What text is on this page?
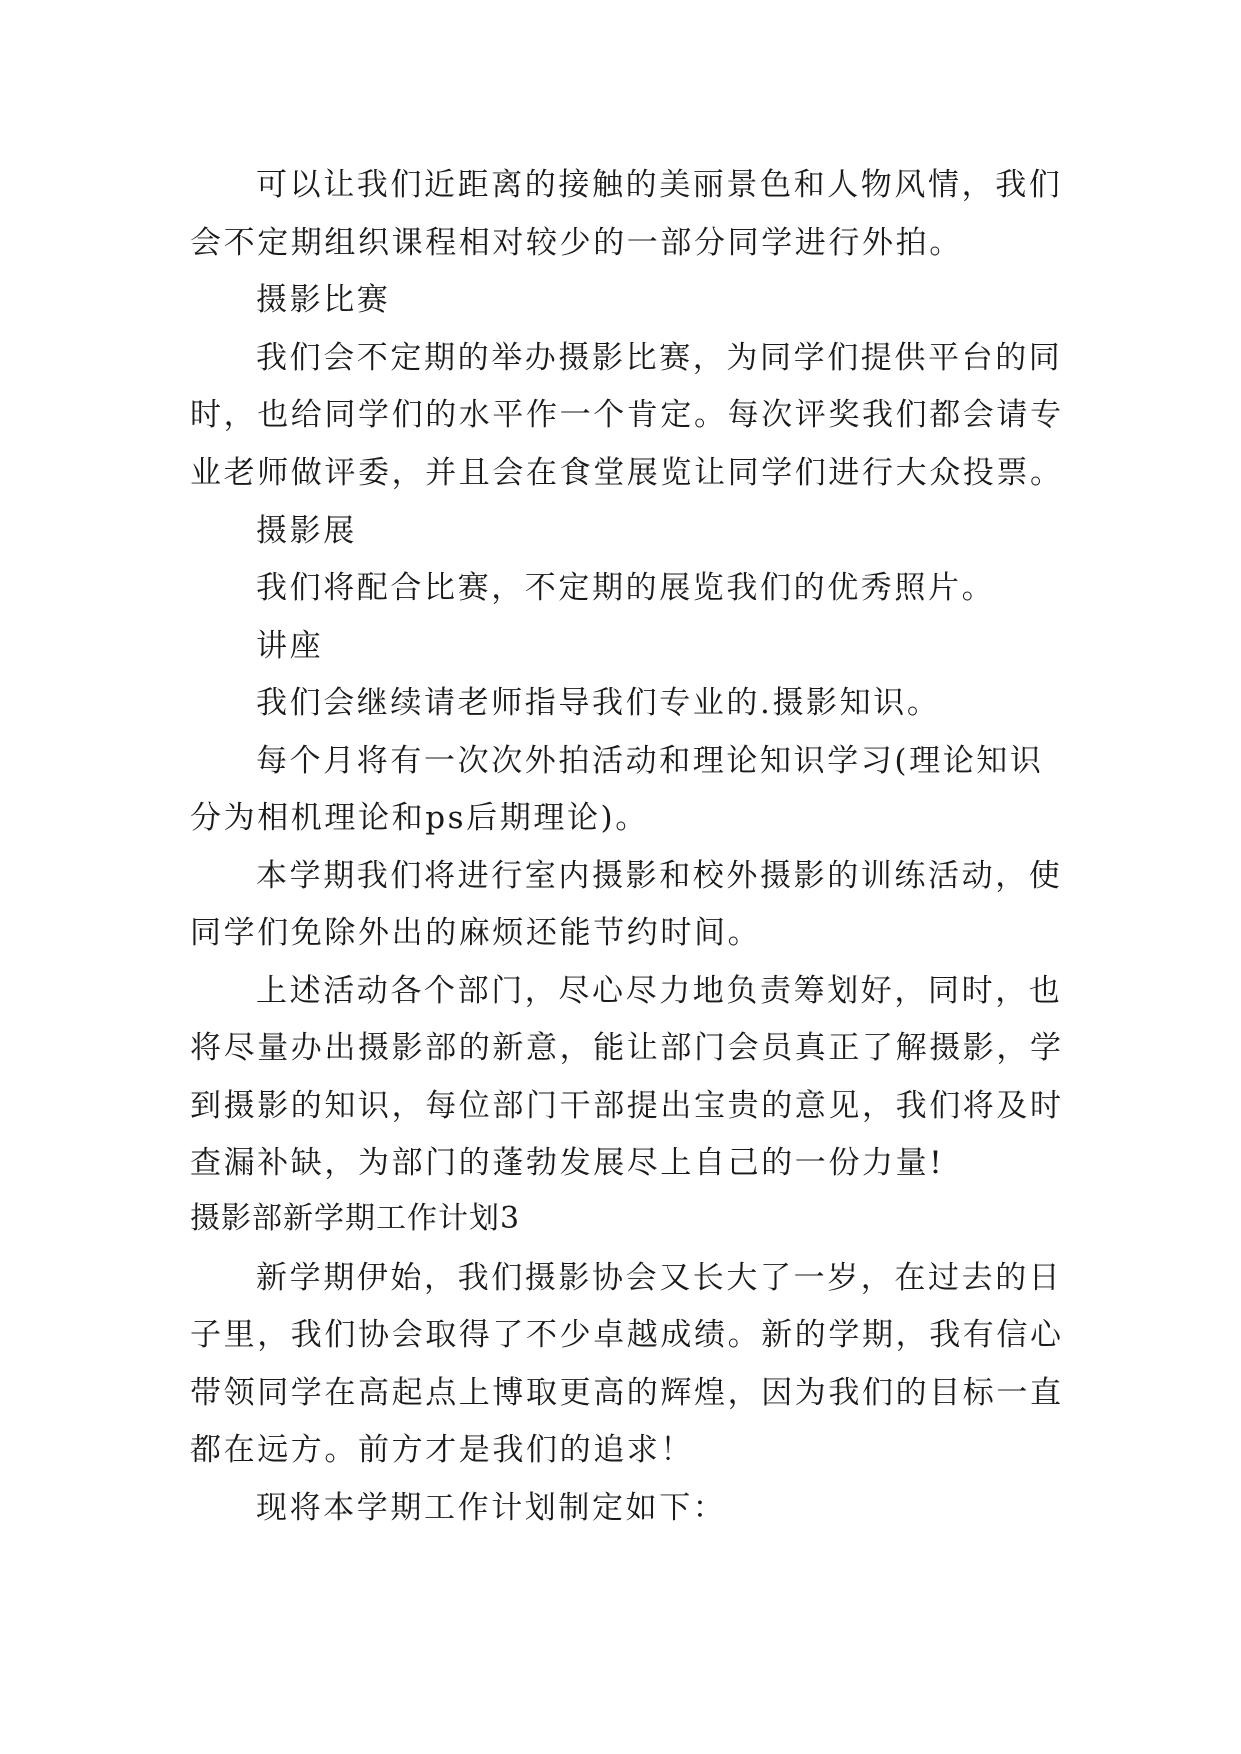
可以让我们近距离的接触的美丽景色和人物风情，我们
会不定期组织课程相对较少的一部分同学进行外拍。
摄影比赛
我们会不定期的举办摄影比赛，为同学们提供平台的同
时，也给同学们的水平作一个肯定。每次评奖我们都会请专
业老师做评委，并且会在食堂展览让同学们进行大众投票。
摄影展
我们将配合比赛，不定期的展览我们的优秀照片。
讲座
我们会继续请老师指导我们专业的.摄影知识。
每个月将有一次次外拍活动和理论知识学习(理论知识
分为相机理论和ps后期理论)。
本学期我们将进行室内摄影和校外摄影的训练活动，使
同学们免除外出的麻烦还能节约时间。
上述活动各个部门，尽心尽力地负责筹划好，同时，也
将尽量办出摄影部的新意，能让部门会员真正了解摄影，学
到摄影的知识，每位部门干部提出宝贵的意见，我们将及时
查漏补缺，为部门的蓬勃发展尽上自己的一份力量!
摄影部新学期工作计划3
新学期伊始，我们摄影协会又长大了一岁，在过去的日
子里，我们协会取得了不少卓越成绩。新的学期，我有信心
带领同学在高起点上博取更高的辉煌，因为我们的目标一直
都在远方。前方才是我们的追求！
现将本学期工作计划制定如下：
